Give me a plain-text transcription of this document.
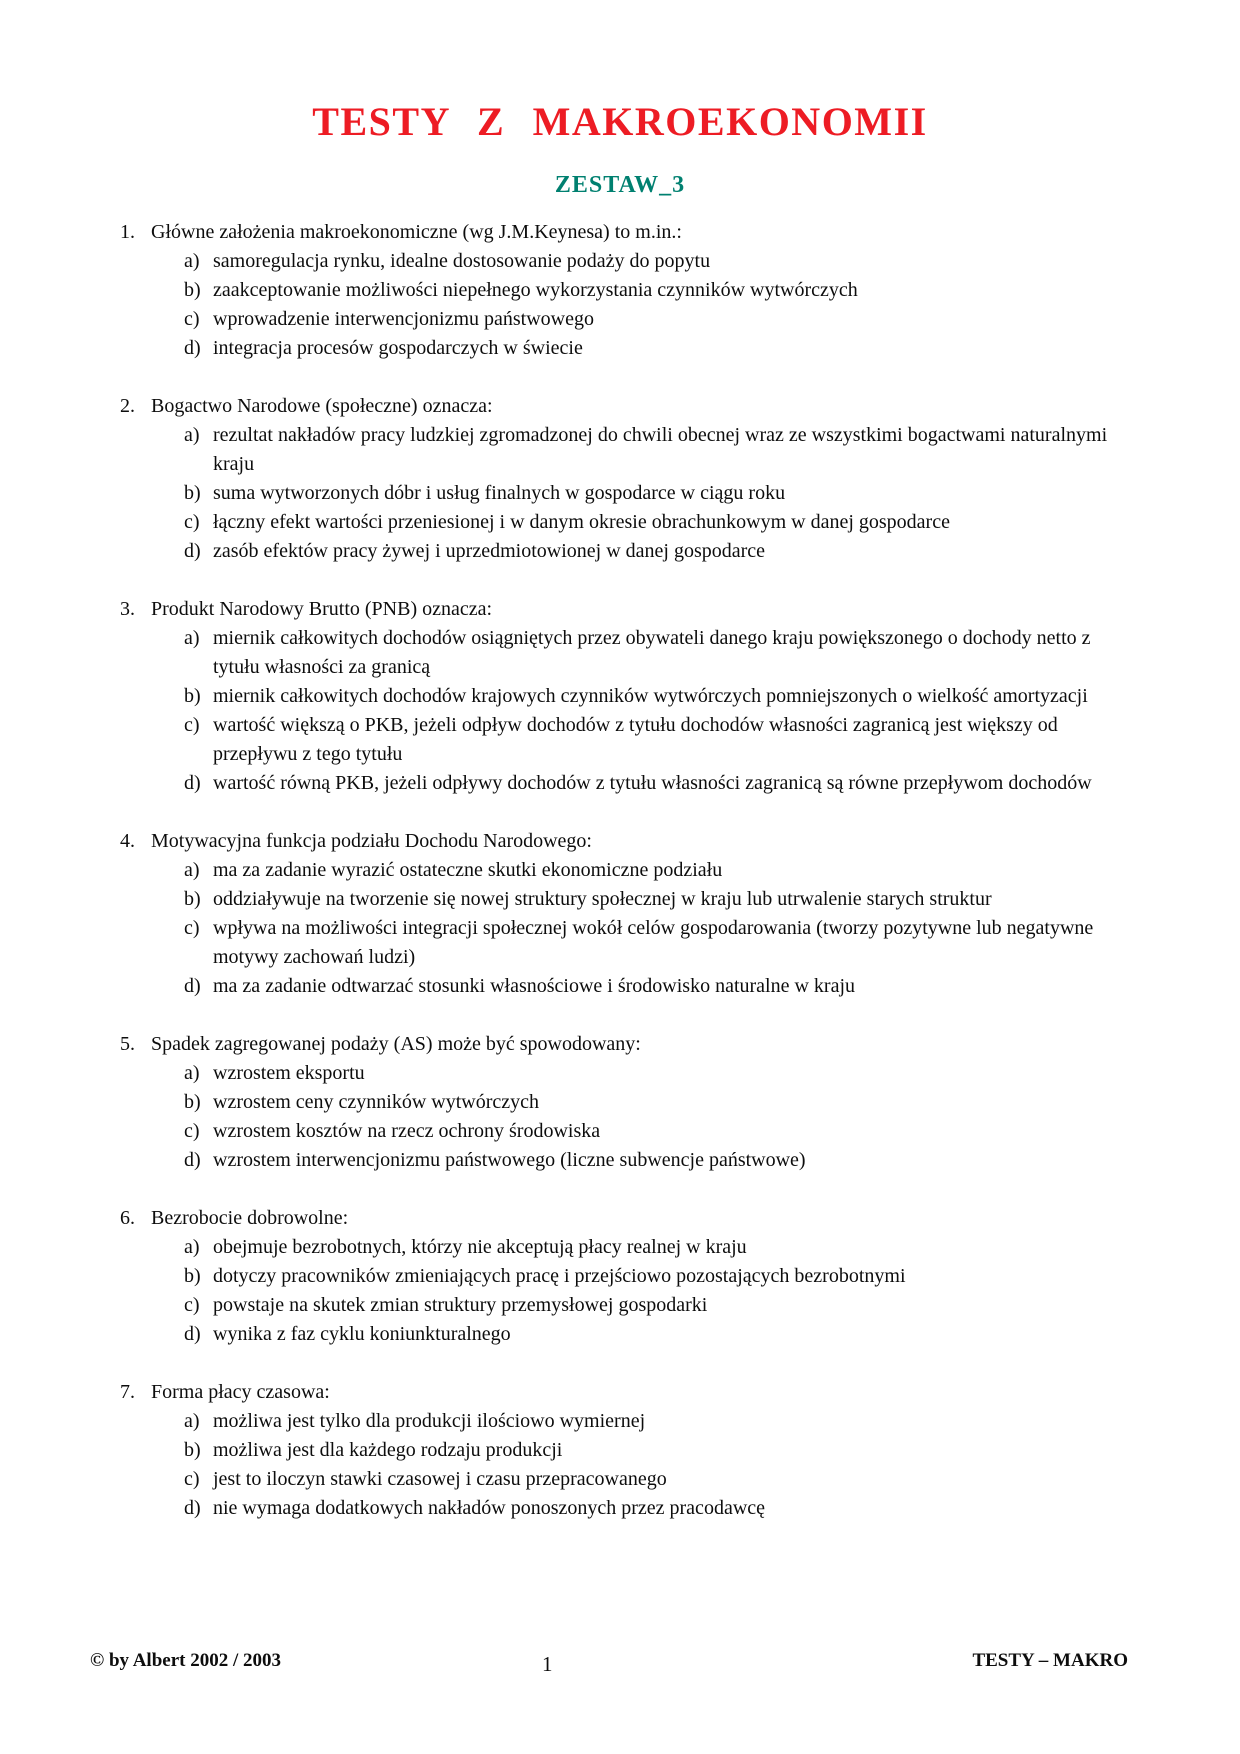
TESTY Z MAKROEKONOMII
ZESTAW_3
1. Główne założenia makroekonomiczne (wg J.M.Keynesa) to m.in.:
a) samoregulacja rynku, idealne dostosowanie podaży do popytu
b) zaakceptowanie możliwości niepełnego wykorzystania czynników wytwórczych
c) wprowadzenie interwencjonizmu państwowego
d) integracja procesów gospodarczych w świecie
2. Bogactwo Narodowe (społeczne) oznacza:
a) rezultat nakładów pracy ludzkiej zgromadzonej do chwili obecnej wraz ze wszystkimi bogactwami naturalnymi kraju
b) suma wytworzonych dóbr i usług finalnych w gospodarce w ciągu roku
c) łączny efekt wartości przeniesionej i w danym okresie obrachunkowym w danej gospodarce
d) zasób efektów pracy żywej i uprzedmiotowionej w danej gospodarce
3. Produkt Narodowy Brutto (PNB) oznacza:
a) miernik całkowitych dochodów osiągniętych przez obywateli danego kraju powiększonego o dochody netto z tytułu własności za granicą
b) miernik całkowitych dochodów krajowych czynników wytwórczych pomniejszonych o wielkość amortyzacji
c) wartość większą o PKB, jeżeli odpływ dochodów z tytułu dochodów własności zagranicą jest większy od przepływu z tego tytułu
d) wartość równą PKB, jeżeli odpływy dochodów z tytułu własności zagranicą są równe przepływom dochodów
4. Motywacyjna funkcja podziału Dochodu Narodowego:
a) ma za zadanie wyrazić ostateczne skutki ekonomiczne podziału
b) oddziaływuje na tworzenie się nowej struktury społecznej w kraju lub utrwalenie starych struktur
c) wpływa na możliwości integracji społecznej wokół celów gospodarowania (tworzy pozytywne lub negatywne motywy zachowań ludzi)
d) ma za zadanie odtwarzać stosunki własnościowe i środowisko naturalne w kraju
5. Spadek zagregowanej podaży (AS) może być spowodowany:
a) wzrostem eksportu
b) wzrostem ceny czynników wytwórczych
c) wzrostem kosztów na rzecz ochrony środowiska
d) wzrostem interwencjonizmu państwowego (liczne subwencje państwowe)
6. Bezrobocie dobrowolne:
a) obejmuje bezrobotnych, którzy nie akceptują płacy realnej w kraju
b) dotyczy pracowników zmieniających pracę i przejściowo pozostających bezrobotnymi
c) powstaje na skutek zmian struktury przemysłowej gospodarki
d) wynika z faz cyklu koniunkturalnego
7. Forma płacy czasowa:
a) możliwa jest tylko dla produkcji ilościowo wymiernej
b) możliwa jest dla każdego rodzaju produkcji
c) jest to iloczyn stawki czasowej i czasu przepracowanego
d) nie wymaga dodatkowych nakładów ponoszonych przez pracodawcę
© by Albert 2002 / 2003	1	TESTY – MAKRO
